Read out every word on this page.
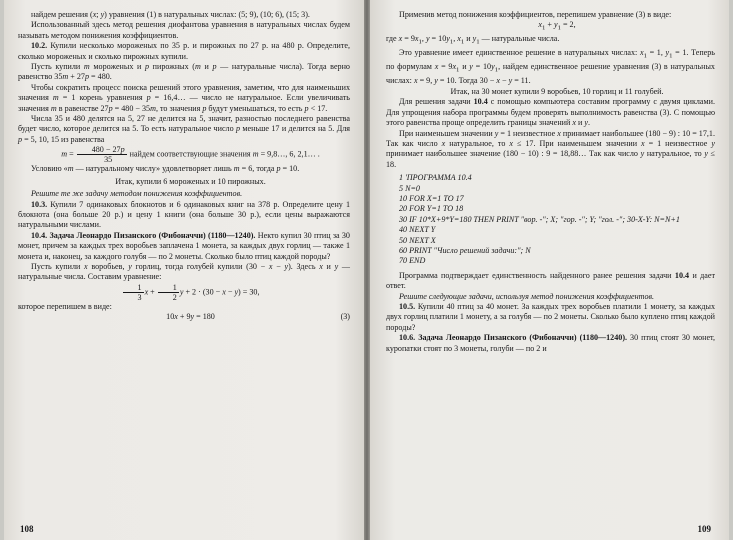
найдем решения (x; y) уравнения (1) в натуральных числах: (5; 9), (10; 6), (15; 3).

Использованный здесь метод решения диофантова уравнения в натуральных числах будем называть методом понижения коэффициентов.

10.2. Купили несколько мороженых по 35 р. и пирожных по 27 р. на 480 р. Определите, сколько мороженых и сколько пирожных купили.

Пусть купили m мороженых и p пирожных (m и p — натуральные числа). Тогда верно равенство 35m + 27p = 480.

Чтобы сократить процесс поиска решений этого уравнения, заметим, что для наименьших значения m = 1 корень уравнения p = 16,4… — число не натуральное. Если увеличивать значения m в равенстве 27p = 480 − 35m, то значения p будут уменьшаться, то есть p < 17.

Числа 35 и 480 делятся на 5, 27 не делится на 5, значит, разностью последнего равенства будет число, которое делится на 5. То есть натуральное число p меньше 17 и делится на 5. Для p = 5, 10, 15 из равенства

$m = \frac{480 - 27p}{35}$ найдем соответствующие значения m = 9,8…, 6, 2,1… .

Условию «m — натуральному числу» удовлетворяет лишь m = 6, тогда p = 10.

Итак, купили 6 мороженых и 10 пирожных.

Решите те же задачу методом понижения коэффициентов.

10.3. Купили 7 одинаковых блокнотов и 6 одинаковых книг на 378 р. Определите цену 1 блокнота (она больше 20 р.) и цену 1 книги (она больше 30 р.), если цены выражаются натуральными числами.

10.4. Задача Леонардо Пизанского (Фибоначчи) (1180—1240). Некто купил 30 птиц за 30 монет, причем за каждых трех воробьев заплачена 1 монета, за каждых двух горлиц — также 1 монета и, наконец, за каждого голубя — по 2 монеты. Сколько было птиц каждой породы?

Пусть купили x воробьев, y горлиц, тогда голубей купили (30 − x − y). Здесь x и y — натуральные числа. Составим уравнение:

$\frac{1}{3}$ $x + \frac{1}{2}$ y + 2 · (30 − x − y) = 30,

которое перепишем в виде:

10x + 9y = 180	(3)

108

Применив метод понижения коэффициентов, перепишем уравнение (3) в виде:

$x_1 + y_1 = 2$,

где $x = 9x_1$, $y = 10y_1$, $x_1$ и $y_1$ — натуральные числа.

Это уравнение имеет единственное решение в натуральных числах: $x_1 = 1$, $y_1 = 1$. Теперь по формулам $x = 9x_1$ и $y = 10y_1$, найдем единственное решение уравнения (3) в натуральных числах: x = 9, y = 10. Тогда 30 − x − y = 11.

Итак, на 30 монет купили 9 воробьев, 10 горлиц и 11 голубей.

Для решения задачи 10.4 с помощью компьютера составим программу с двумя циклами. Для упрощения набора программы будем проверять выполнимость равенства (3). С помощью этого равенства проще определить границы значений x и y.

При наименьшем значении y = 1 неизвестное x принимает наибольшее (180 − 9) : 10 = 17,1. Так как число x натуральное, то x ≤ 17. При наименьшем значении x = 1 неизвестное y принимает наибольшее значение (180 − 10) : 9 = 18,88… Так как число y натуральное, то y ≤ 18.

1 'ПРОГРАММА 10.4

5 N=0

10 FOR X=1 TO 17

20 FOR Y=1 TO 18

30 IF 10*X+9*Y=180 THEN PRINT "вор. -"; X; "гор. -"; Y; "гол. -"; 30-X-Y: N=N+1

40 NEXT Y

50 NEXT X

60 PRINT "Число решений задачи:"; N

70 END

Программа подтверждает единственность найденного ранее решения задачи 10.4 и дает ответ.

Решите следующие задачи, используя метод понижения коэффициентов.

10.5. Купили 40 птиц за 40 монет. За каждых трех воробьев платили 1 монету, за каждых двух горлиц платили 1 монету, а за голубя — по 2 монеты. Сколько было куплено птиц каждой породы?

10.6. Задача Леонардо Пизанского (Фибоначчи) (1180—1240). 30 птиц стоят 30 монет, куропатки стоят по 3 монеты, голуби — по 2 и

109
